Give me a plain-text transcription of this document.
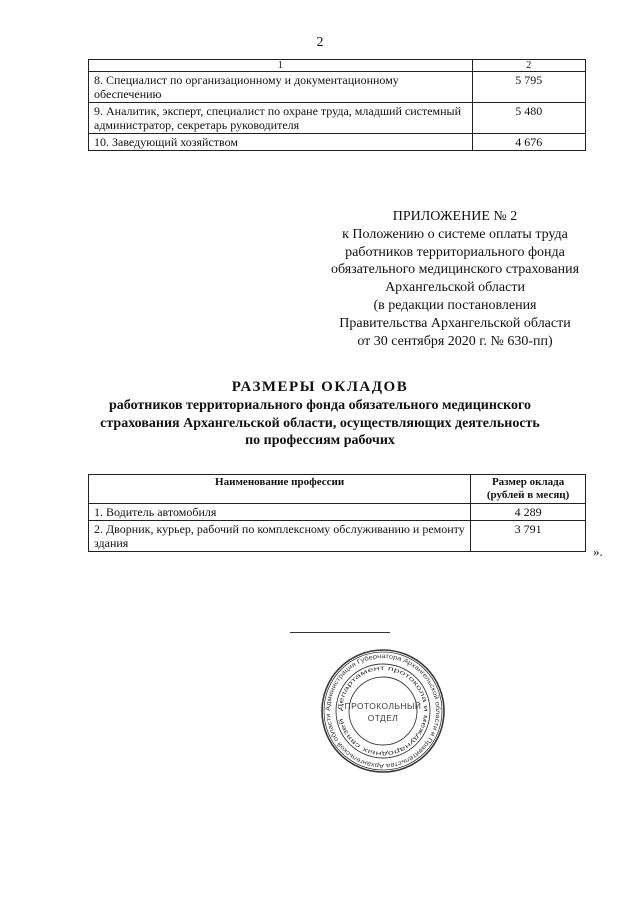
2
1	2
8. Специалист по организационному и документационному обеспечению	5 795
9. Аналитик, эксперт, специалист по охране труда, младший системный администратор, секретарь руководителя	5 480
10. Заведующий хозяйством	4 676
ПРИЛОЖЕНИЕ № 2
к Положению о системе оплаты труда
работников территориального фонда
обязательного медицинского страхования
Архангельской области
(в редакции постановления
Правительства Архангельской области
от 30 сентября 2020 г. № 630-пп)
РАЗМЕРЫ ОКЛАДОВ
работников территориального фонда обязательного медицинского
страхования Архангельской области, осуществляющих деятельность
по профессиям рабочих
Наименование профессии	Размер оклада (рублей в месяц)
1. Водитель автомобиля	4 289
2. Дворник, курьер, рабочий по комплексному обслуживанию и ремонту здания	3 791
».
Администрация Губернатора Архангельской области и Правительства Архангельской области
Департамент протокола и международных связей
ПРОТОКОЛЬНЫЙ
ОТДЕЛ
